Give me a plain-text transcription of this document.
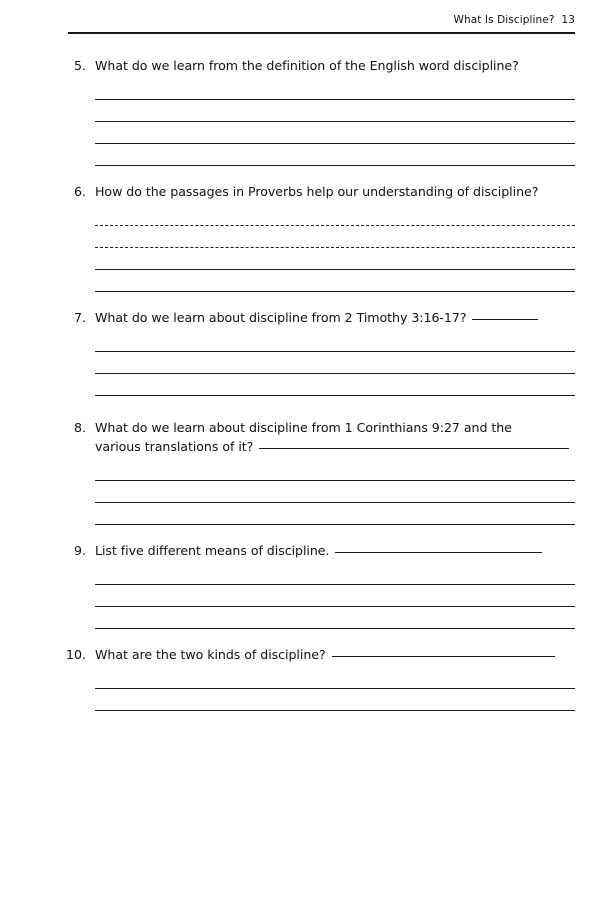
What Is Discipline?  13
5. What do we learn from the definition of the English word discipline?
6. How do the passages in Proverbs help our understanding of discipline?
7. What do we learn about discipline from 2 Timothy 3:16-17?
8. What do we learn about discipline from 1 Corinthians 9:27 and the
various translations of it?
9. List five different means of discipline.
10. What are the two kinds of discipline?
